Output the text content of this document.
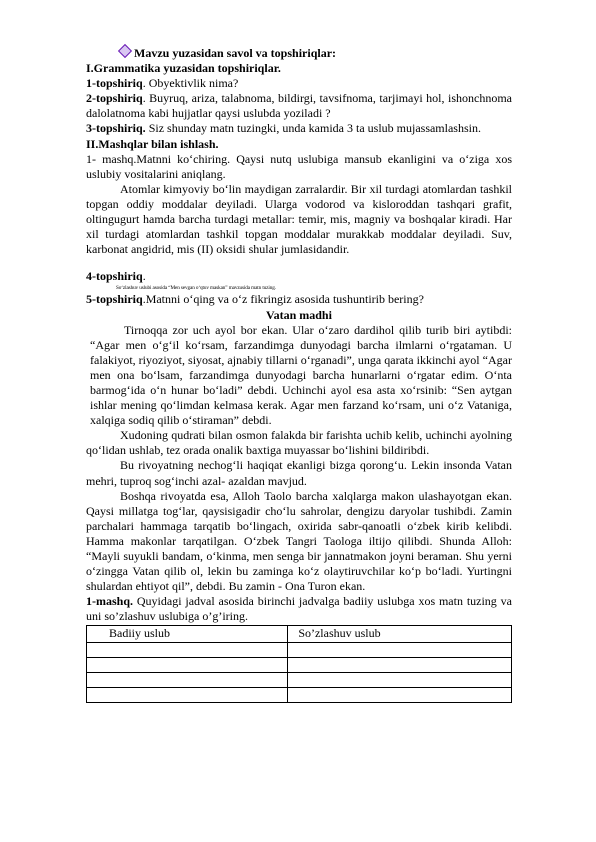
Mavzu yuzasidan savol va topshiriqlar:

I.Grammatika yuzasidan topshiriqlar.

1-topshiriq. Obyektivlik nima?

2-topshiriq. Buyruq, ariza, talabnoma, bildirgi, tavsifnoma, tarjimayi hol, ishonchnoma dalolatnoma kabi hujjatlar qaysi uslubda yoziladi ?

3-topshiriq. Siz shunday matn tuzingki, unda kamida 3 ta uslub mujassamlashsin.

II.Mashqlar bilan ishlash.

1- mashq.Matnni ko‘chiring. Qaysi nutq uslubiga mansub ekanligini va o‘ziga xos uslubiy vositalarini aniqlang.

Atomlar kimyoviy bo‘lin maydigan zarralardir. Bir xil turdagi atomlardan tashkil topgan oddiy moddalar deyiladi. Ularga vodorod va kisloroddan tashqari grafit, oltingugurt hamda barcha turdagi metallar: temir, mis, magniy va boshqalar kiradi. Har xil turdagi atomlardan tashkil topgan moddalar murakkab moddalar deyiladi. Suv, karbonat angidrid, mis (II) oksidi shular jumlasidandir.

4-topshiriq.

So‘zlashuv uslubi asosida “Men sevgan o‘qtuv maskan” mavzusida matn tuzing.

5-topshiriq.Matnni o‘qing va o‘z fikringiz asosida tushuntirib bering?

Vatan madhi

Tirnoqqa zor uch ayol bor ekan. Ular o‘zaro dardihol qilib turib biri aytibdi: “Agar men o‘g‘il ko‘rsam, farzandimga dunyodagi barcha ilmlarni o‘rgataman. U falakiyot, riyoziyot, siyosat, ajnabiy tillarni o‘rganadi”, unga qarata ikkinchi ayol “Agar men ona bo‘lsam, farzandimga dunyodagi barcha hunarlarni o‘rgatar edim. O‘nta barmog‘ida o‘n hunar bo‘ladi” debdi. Uchinchi ayol esa asta xo‘rsinib: “Sen aytgan ishlar mening qo‘limdan kelmasa kerak. Agar men farzand ko‘rsam, uni o‘z Vataniga, xalqiga sodiq qilib o‘stiraman” debdi.

Xudoning qudrati bilan osmon falakda bir farishta uchib kelib, uchinchi ayolning qo‘lidan ushlab, tez orada onalik baxtiga muyassar bo‘lishini bildiribdi.

Bu rivoyatning nechog‘li haqiqat ekanligi bizga qorong‘u. Lekin insonda Vatan mehri, tuproq sog‘inchi azal- azaldan mavjud.

Boshqa rivoyatda esa, Alloh Taolo barcha xalqlarga makon ulashayotgan ekan. Qaysi millatga tog‘lar, qaysisigadir cho‘lu sahrolar, dengizu daryolar tushibdi. Zamin parchalari hammaga tarqatib bo‘lingach, oxirida sabr-qanoatli o‘zbek kirib kelibdi. Hamma makonlar tarqatilgan. O‘zbek Tangri Taologa iltijo qilibdi. Shunda Alloh: “Mayli suyukli bandam, o‘kinma, men senga bir jannatmakon joyni beraman. Shu yerni o‘zingga Vatan qilib ol, lekin bu zaminga ko‘z olaytiruvchilar ko‘p bo‘ladi. Yurtingni shulardan ehtiyot qil”, debdi. Bu zamin - Ona Turon ekan.

1-mashq. Quyidagi jadval asosida birinchi jadvalga badiiy uslubga xos matn tuzing va uni so’zlashuv uslubiga o’g’iring.

Badiiy uslub	So’zlashuv uslub
